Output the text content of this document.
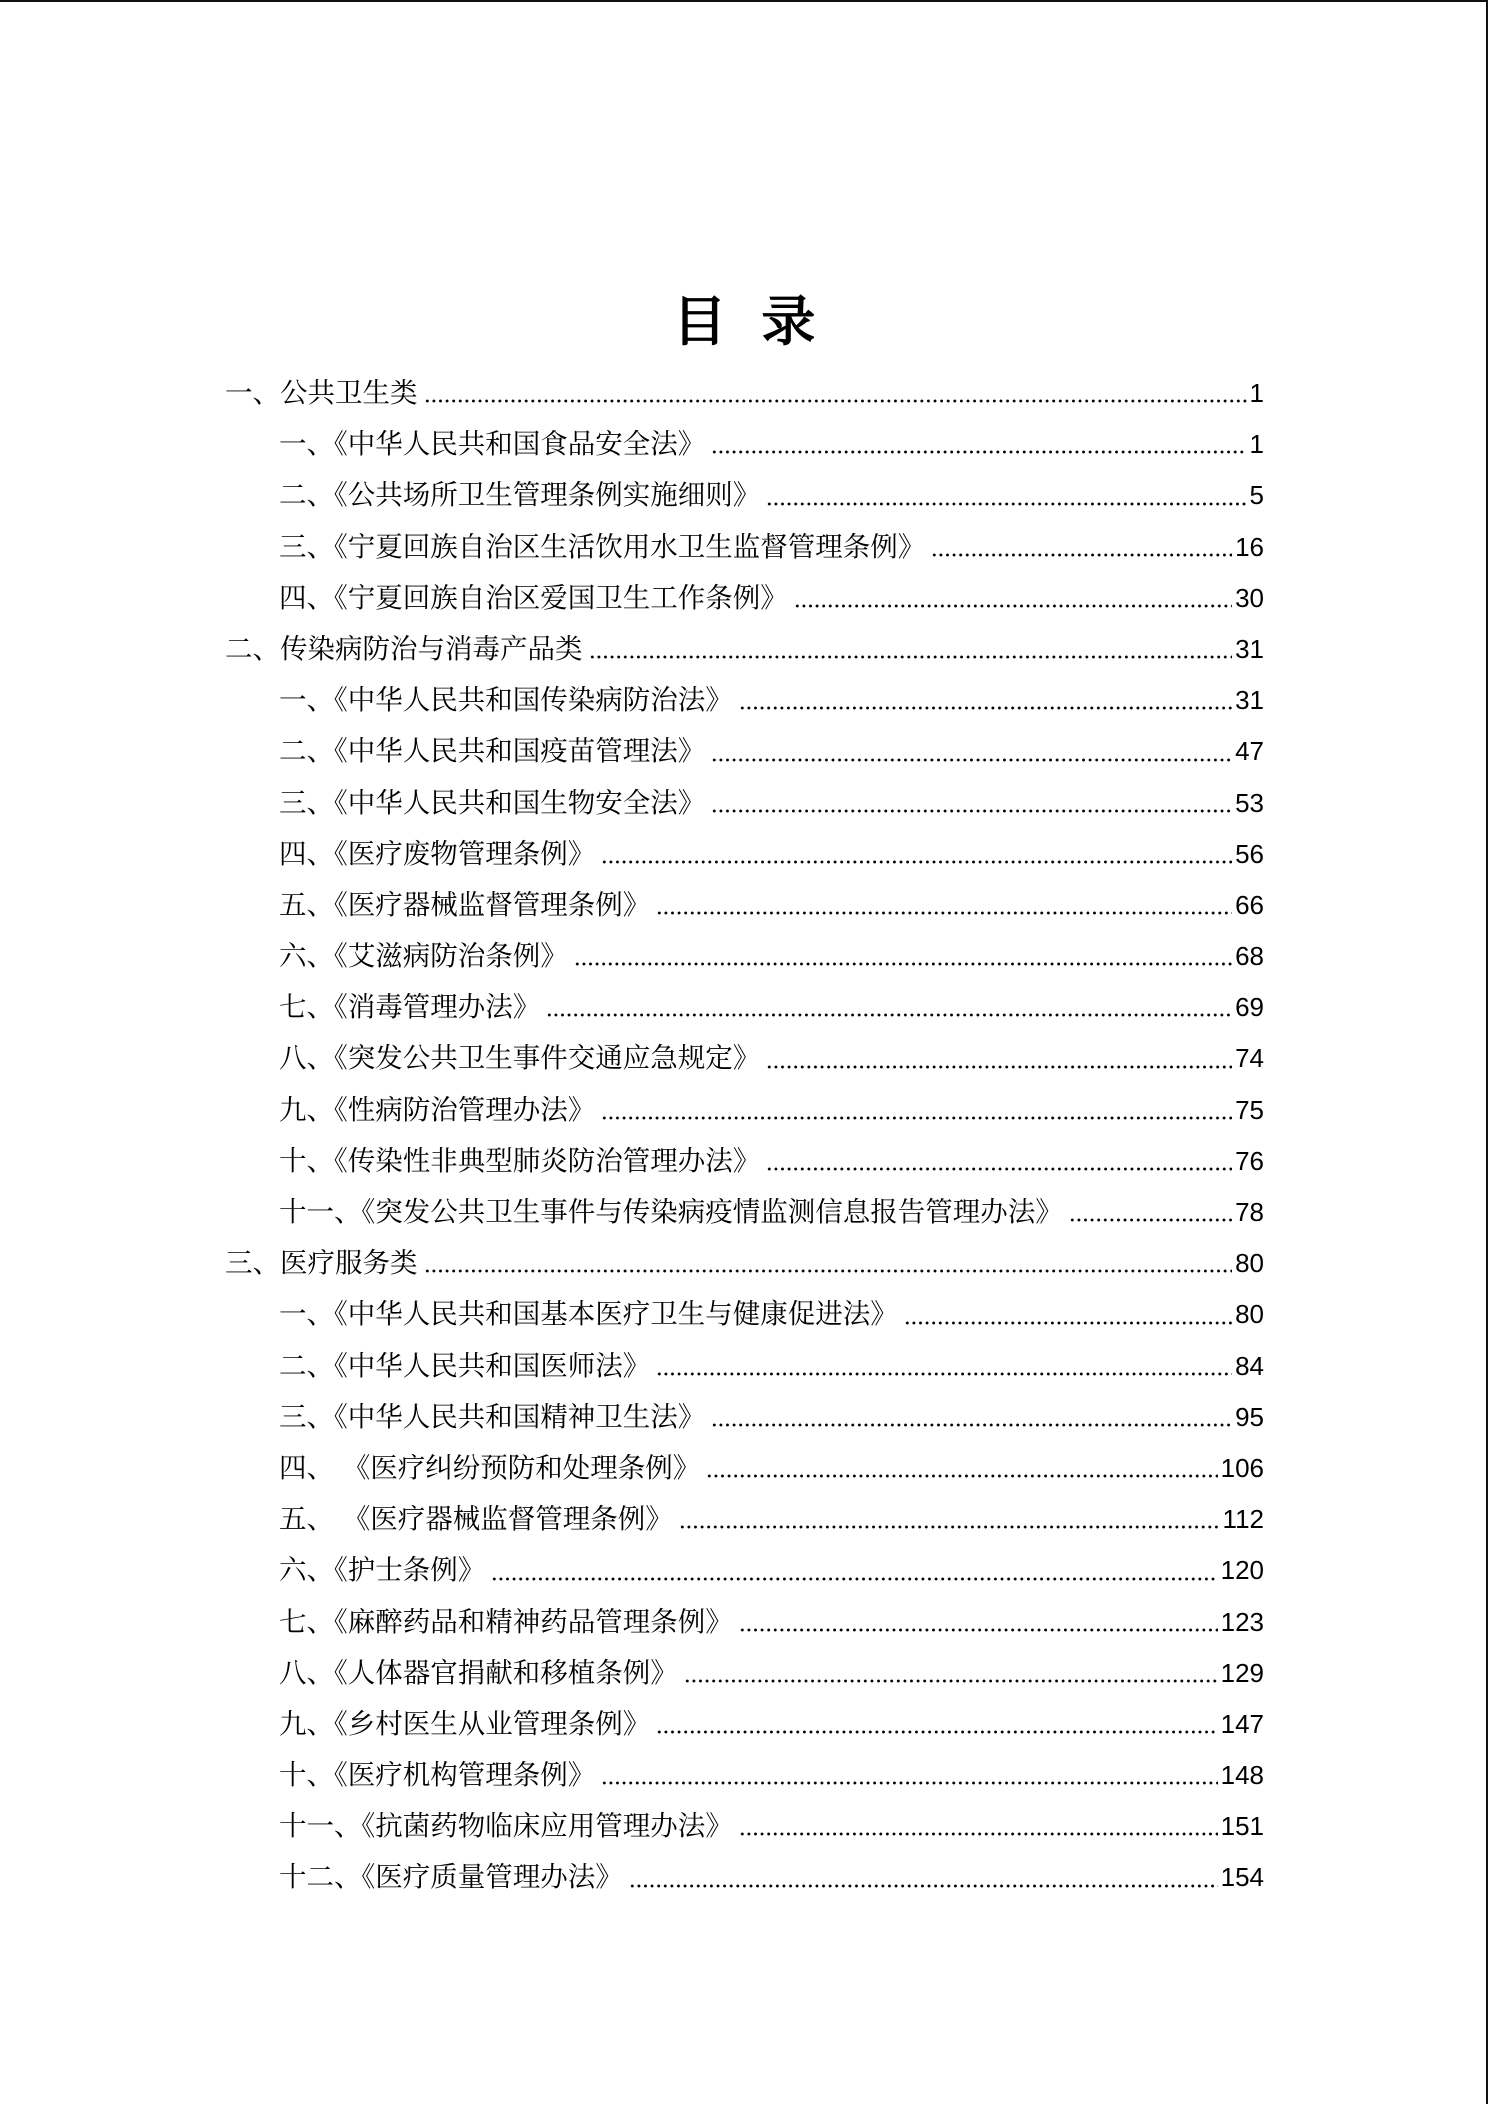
目 录
一、公共卫生类	1
一、《中华人民共和国食品安全法》	1
二、《公共场所卫生管理条例实施细则》	5
三、《宁夏回族自治区生活饮用水卫生监督管理条例》	16
四、《宁夏回族自治区爱国卫生工作条例》	30
二、传染病防治与消毒产品类	31
一、《中华人民共和国传染病防治法》	31
二、《中华人民共和国疫苗管理法》	47
三、《中华人民共和国生物安全法》	53
四、《医疗废物管理条例》	56
五、《医疗器械监督管理条例》	66
六、《艾滋病防治条例》	68
七、《消毒管理办法》	69
八、《突发公共卫生事件交通应急规定》	74
九、《性病防治管理办法》	75
十、《传染性非典型肺炎防治管理办法》	76
十一、《突发公共卫生事件与传染病疫情监测信息报告管理办法》	78
三、医疗服务类	80
一、《中华人民共和国基本医疗卫生与健康促进法》	80
二、《中华人民共和国医师法》	84
三、《中华人民共和国精神卫生法》	95
四、 《医疗纠纷预防和处理条例》	106
五、 《医疗器械监督管理条例》	112
六、《护士条例》	120
七、《麻醉药品和精神药品管理条例》	123
八、《人体器官捐献和移植条例》	129
九、《乡村医生从业管理条例》	147
十、《医疗机构管理条例》	148
十一、《抗菌药物临床应用管理办法》	151
十二、《医疗质量管理办法》	154
